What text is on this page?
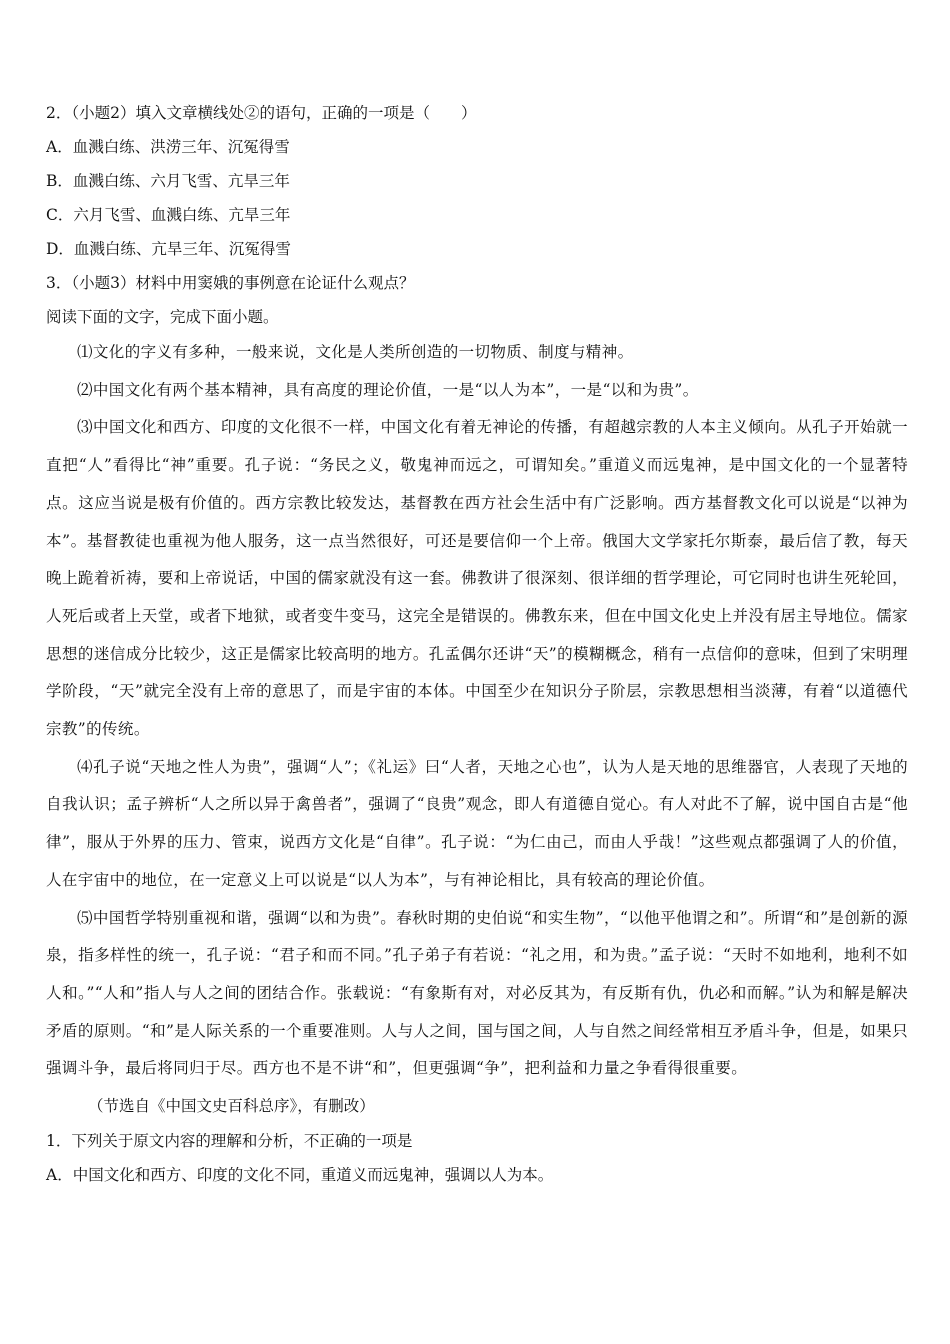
2．（小题2）填入文章横线处②的语句，正确的一项是（　　）
A．血溅白练、洪涝三年、沉冤得雪
B．血溅白练、六月飞雪、亢旱三年
C．六月飞雪、血溅白练、亢旱三年
D．血溅白练、亢旱三年、沉冤得雪
3．（小题3）材料中用窦娥的事例意在论证什么观点？
阅读下面的文字，完成下面小题。

⑴文化的字义有多种，一般来说，文化是人类所创造的一切物质、制度与精神。

⑵中国文化有两个基本精神，具有高度的理论价值，一是“以人为本”，一是“以和为贵”。

⑶中国文化和西方、印度的文化很不一样，中国文化有着无神论的传播，有超越宗教的人本主义倾向。从孔子开始就一直把“人”看得比“神”重要。孔子说：“务民之义，敬鬼神而远之，可谓知矣。”重道义而远鬼神，是中国文化的一个显著特点。这应当说是极有价值的。西方宗教比较发达，基督教在西方社会生活中有广泛影响。西方基督教文化可以说是“以神为本”。基督教徒也重视为他人服务，这一点当然很好，可还是要信仰一个上帝。俄国大文学家托尔斯泰，最后信了教，每天晚上跪着祈祷，要和上帝说话，中国的儒家就没有这一套。佛教讲了很深刻、很详细的哲学理论，可它同时也讲生死轮回，人死后或者上天堂，或者下地狱，或者变牛变马，这完全是错误的。佛教东来，但在中国文化史上并没有居主导地位。儒家思想的迷信成分比较少，这正是儒家比较高明的地方。孔孟偶尔还讲“天”的模糊概念，稍有一点信仰的意味，但到了宋明理学阶段，“天”就完全没有上帝的意思了，而是宇宙的本体。中国至少在知识分子阶层，宗教思想相当淡薄，有着“以道德代宗教”的传统。

⑷孔子说“天地之性人为贵”，强调“人”；《礼运》曰“人者，天地之心也”，认为人是天地的思维器官，人表现了天地的自我认识；孟子辨析“人之所以异于禽兽者”，强调了“良贵”观念，即人有道德自觉心。有人对此不了解，说中国自古是“他律”，服从于外界的压力、管束，说西方文化是“自律”。孔子说：“为仁由己，而由人乎哉！”这些观点都强调了人的价值，人在宇宙中的地位，在一定意义上可以说是“以人为本”，与有神论相比，具有较高的理论价值。

⑸中国哲学特别重视和谐，强调“以和为贵”。春秋时期的史伯说“和实生物”，“以他平他谓之和”。所谓“和”是创新的源泉，指多样性的统一，孔子说：“君子和而不同。”孔子弟子有若说：“礼之用，和为贵。”孟子说：“天时不如地利，地利不如人和。”“人和”指人与人之间的团结合作。张载说：“有象斯有对，对必反其为，有反斯有仇，仇必和而解。”认为和解是解决矛盾的原则。“和”是人际关系的一个重要准则。人与人之间，国与国之间，人与自然之间经常相互矛盾斗争，但是，如果只强调斗争，最后将同归于尽。西方也不是不讲“和”，但更强调“争”，把利益和力量之争看得很重要。

（节选自《中国文史百科总序》，有删改）
1．下列关于原文内容的理解和分析，不正确的一项是
A．中国文化和西方、印度的文化不同，重道义而远鬼神，强调以人为本。
